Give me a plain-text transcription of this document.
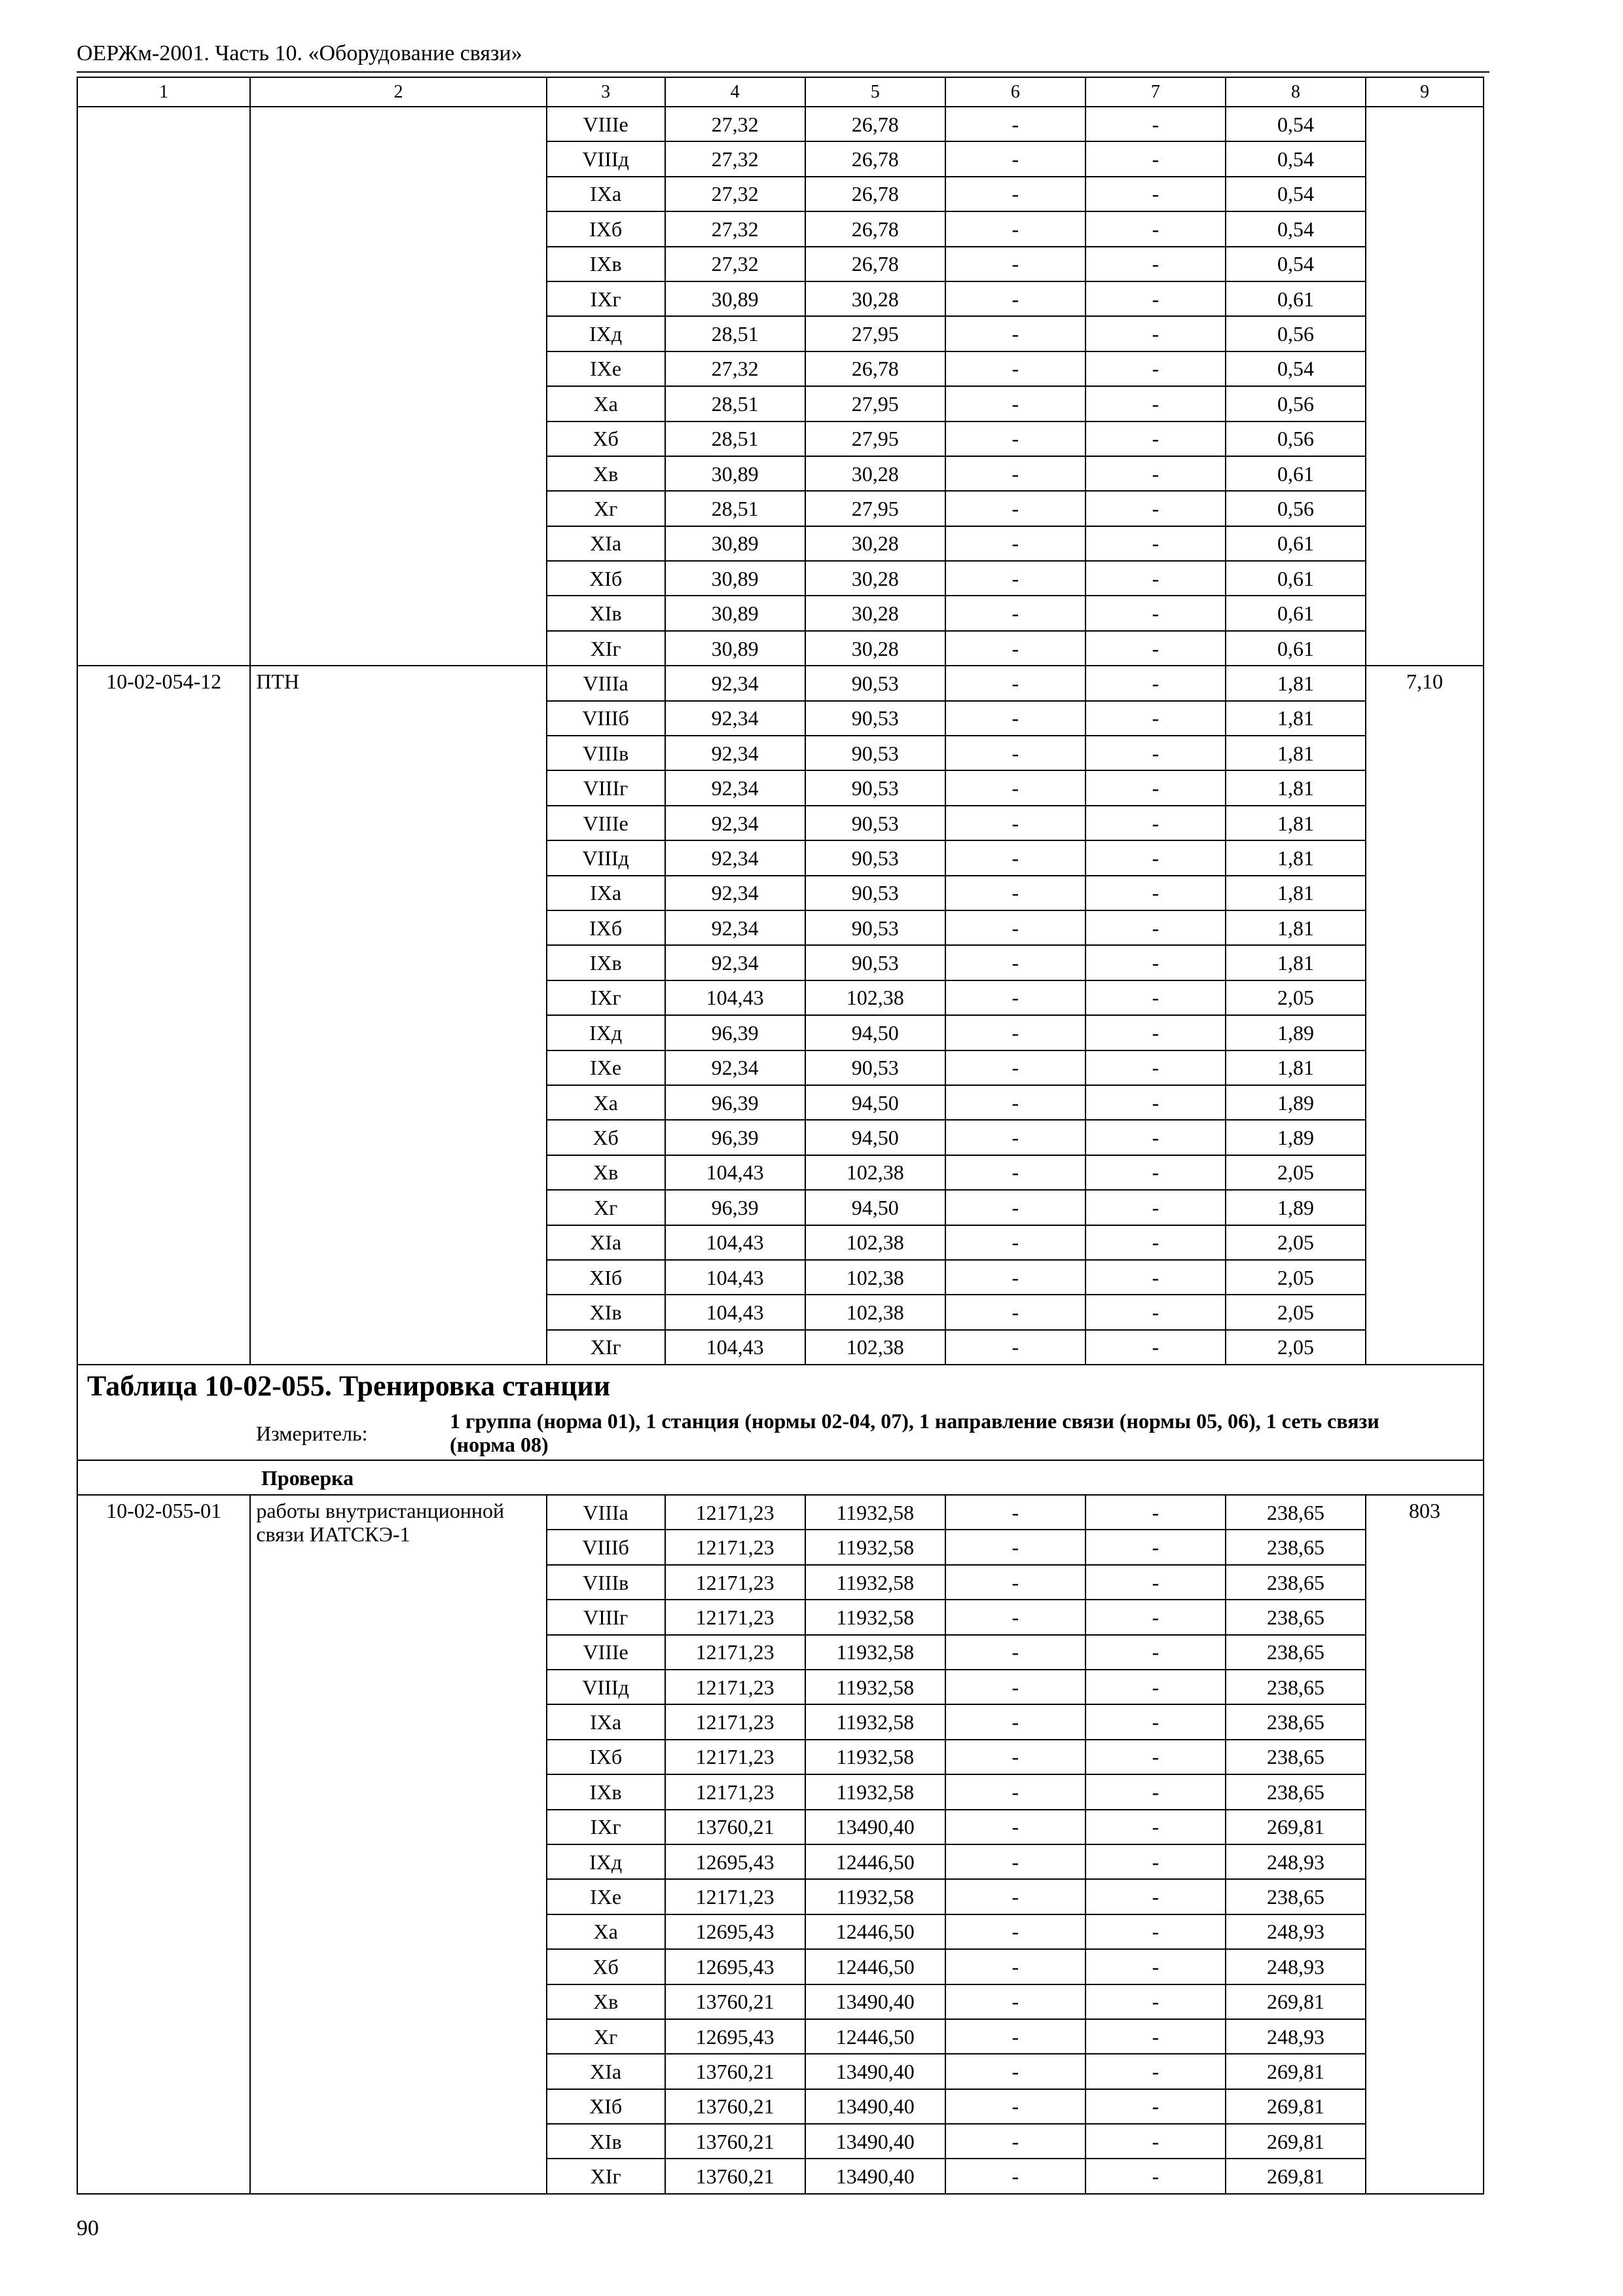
ОЕРЖм-2001. Часть 10. «Оборудование связи»
1	2	3	4	5	6	7	8	9
		VIIIe	27,32	26,78	-	-	0,54	
		VIIIд	27,32	26,78	-	-	0,54	
		IXa	27,32	26,78	-	-	0,54	
		IXб	27,32	26,78	-	-	0,54	
		IXв	27,32	26,78	-	-	0,54	
		IXг	30,89	30,28	-	-	0,61	
		IXд	28,51	27,95	-	-	0,56	
		IXe	27,32	26,78	-	-	0,54	
		Xa	28,51	27,95	-	-	0,56	
		Xб	28,51	27,95	-	-	0,56	
		Xв	30,89	30,28	-	-	0,61	
		Xг	28,51	27,95	-	-	0,56	
		XIa	30,89	30,28	-	-	0,61	
		XIб	30,89	30,28	-	-	0,61	
		XIв	30,89	30,28	-	-	0,61	
		XIг	30,89	30,28	-	-	0,61	
10-02-054-12	ПТН	VIIIa	92,34	90,53	-	-	1,81	7,10
		VIIIб	92,34	90,53	-	-	1,81	
		VIIIв	92,34	90,53	-	-	1,81	
		VIIIг	92,34	90,53	-	-	1,81	
		VIIIe	92,34	90,53	-	-	1,81	
		VIIIд	92,34	90,53	-	-	1,81	
		IXa	92,34	90,53	-	-	1,81	
		IXб	92,34	90,53	-	-	1,81	
		IXв	92,34	90,53	-	-	1,81	
		IXг	104,43	102,38	-	-	2,05	
		IXд	96,39	94,50	-	-	1,89	
		IXe	92,34	90,53	-	-	1,81	
		Xa	96,39	94,50	-	-	1,89	
		Xб	96,39	94,50	-	-	1,89	
		Xв	104,43	102,38	-	-	2,05	
		Xг	96,39	94,50	-	-	1,89	
		XIa	104,43	102,38	-	-	2,05	
		XIб	104,43	102,38	-	-	2,05	
		XIв	104,43	102,38	-	-	2,05	
		XIг	104,43	102,38	-	-	2,05	
Таблица 10-02-055. Тренировка станции								
Измеритель:1 группа (норма 01), 1 станция (нормы 02-04, 07), 1 направление связи (нормы 05, 06), 1 сеть связи (норма 08)								
Проверка								
10-02-055-01	работы внутристанционной связи ИАТСКЭ-1	VIIIa	12171,23	11932,58	-	-	238,65	803
		VIIIб	12171,23	11932,58	-	-	238,65	
		VIIIв	12171,23	11932,58	-	-	238,65	
		VIIIг	12171,23	11932,58	-	-	238,65	
		VIIIe	12171,23	11932,58	-	-	238,65	
		VIIIд	12171,23	11932,58	-	-	238,65	
		IXa	12171,23	11932,58	-	-	238,65	
		IXб	12171,23	11932,58	-	-	238,65	
		IXв	12171,23	11932,58	-	-	238,65	
		IXг	13760,21	13490,40	-	-	269,81	
		IXд	12695,43	12446,50	-	-	248,93	
		IXe	12171,23	11932,58	-	-	238,65	
		Xa	12695,43	12446,50	-	-	248,93	
		Xб	12695,43	12446,50	-	-	248,93	
		Xв	13760,21	13490,40	-	-	269,81	
		Xг	12695,43	12446,50	-	-	248,93	
		XIa	13760,21	13490,40	-	-	269,81	
		XIб	13760,21	13490,40	-	-	269,81	
		XIв	13760,21	13490,40	-	-	269,81	
		XIг	13760,21	13490,40	-	-	269,81	
90
